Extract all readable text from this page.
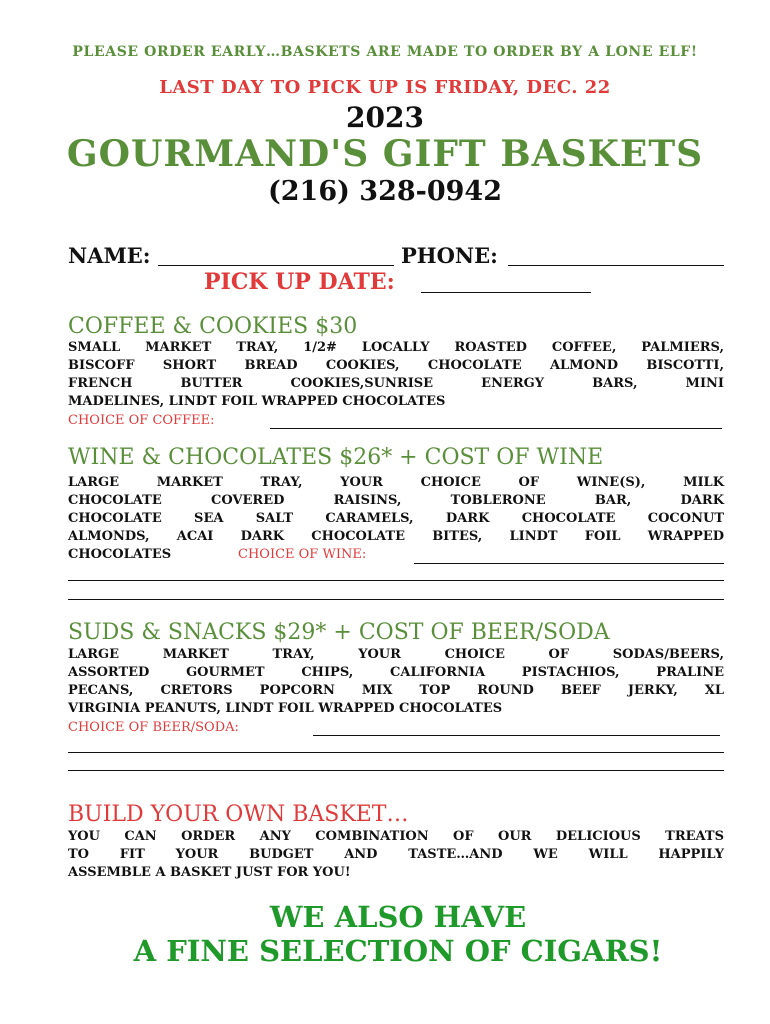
PLEASE ORDER EARLY…BASKETS ARE MADE TO ORDER BY A LONE ELF!
LAST DAY TO PICK UP IS FRIDAY, DEC. 22
2023
GOURMAND'S GIFT BASKETS
(216) 328-0942
NAME:	PHONE:
PICK UP DATE:
COFFEE & COOKIES $30
SMALL MARKET TRAY, 1/2# LOCALLY ROASTED COFFEE, PALMIERS,
BISCOFF SHORT BREAD COOKIES, CHOCOLATE ALMOND BISCOTTI,
FRENCH BUTTER COOKIES,SUNRISE ENERGY BARS, MINI
MADELINES, LINDT FOIL WRAPPED CHOCOLATES
CHOICE OF COFFEE:
WINE & CHOCOLATES $26* + COST OF WINE
LARGE MARKET TRAY, YOUR CHOICE OF WINE(S), MILK
CHOCOLATE COVERED RAISINS, TOBLERONE BAR, DARK
CHOCOLATE SEA SALT CARAMELS, DARK CHOCOLATE COCONUT
ALMONDS, ACAI DARK CHOCOLATE BITES, LINDT FOIL WRAPPED
CHOCOLATES	CHOICE OF WINE:
SUDS & SNACKS $29* + COST OF BEER/SODA
LARGE MARKET TRAY, YOUR CHOICE OF SODAS/BEERS,
ASSORTED GOURMET CHIPS, CALIFORNIA PISTACHIOS, PRALINE
PECANS, CRETORS POPCORN MIX TOP ROUND BEEF JERKY, XL
VIRGINIA PEANUTS, LINDT FOIL WRAPPED CHOCOLATES
CHOICE OF BEER/SODA:
BUILD YOUR OWN BASKET…
YOU CAN ORDER ANY COMBINATION OF OUR DELICIOUS TREATS
TO FIT YOUR BUDGET AND TASTE…AND WE WILL HAPPILY
ASSEMBLE A BASKET JUST FOR YOU!
WE ALSO HAVE
A FINE SELECTION OF CIGARS!
